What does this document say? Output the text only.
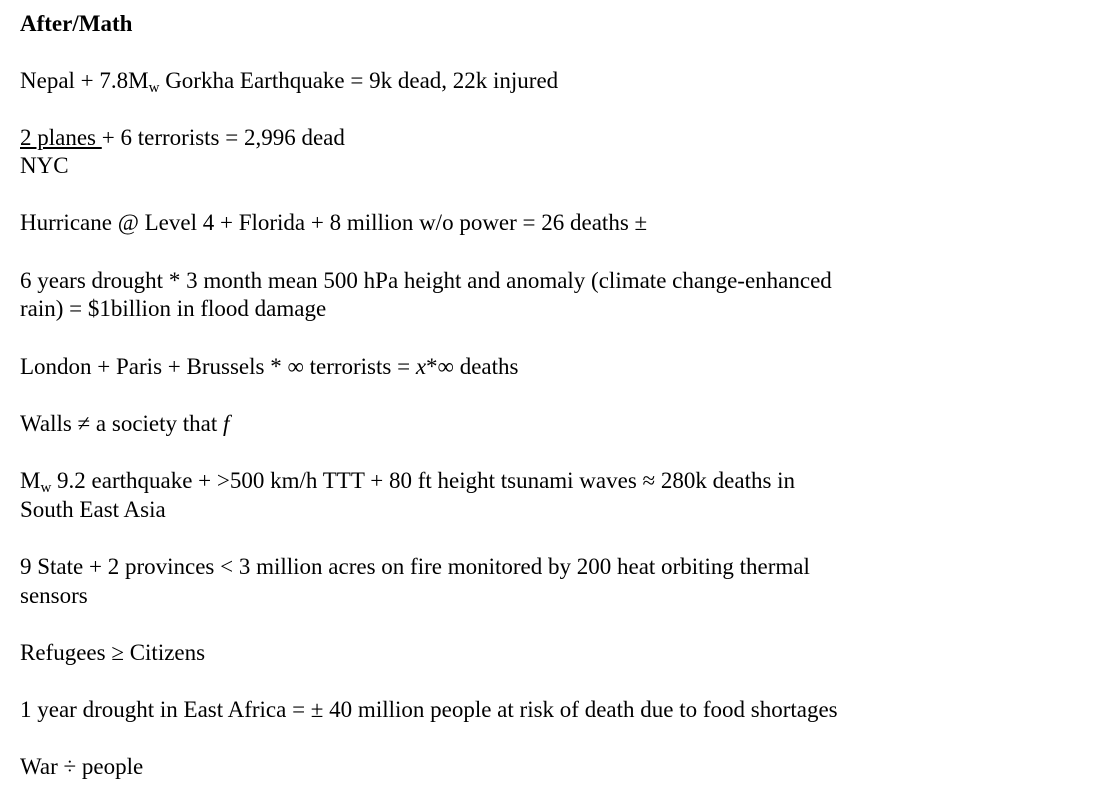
After/Math
Nepal + 7.8Mw Gorkha Earthquake = 9k dead, 22k injured
2 planes + 6 terrorists = 2,996 dead
NYC
Hurricane @ Level 4 + Florida + 8 million w/o power = 26 deaths ±
6 years drought * 3 month mean 500 hPa height and anomaly (climate change-enhanced
rain) = $1billion in flood damage
London + Paris + Brussels * ∞ terrorists = x*∞ deaths
Walls ≠ a society that f
Mw 9.2 earthquake + >500 km/h TTT + 80 ft height tsunami waves ≈ 280k deaths in
South East Asia
9 State + 2 provinces < 3 million acres on fire monitored by 200 heat orbiting thermal
sensors
Refugees ≥ Citizens
1 year drought in East Africa = ± 40 million people at risk of death due to food shortages
War ÷ people
